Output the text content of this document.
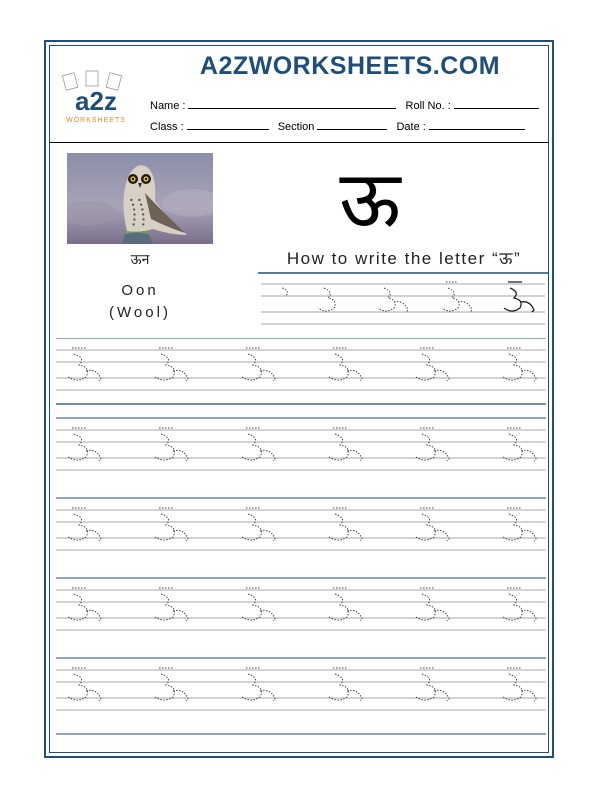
A2ZWORKSHEETS.COM
a2z
WORKSHEETS
Name :	Roll No. :
Class :	Section	Date :
ऊन
Oon
(Wool)
ऊ
How to write the letter “ऊ”
